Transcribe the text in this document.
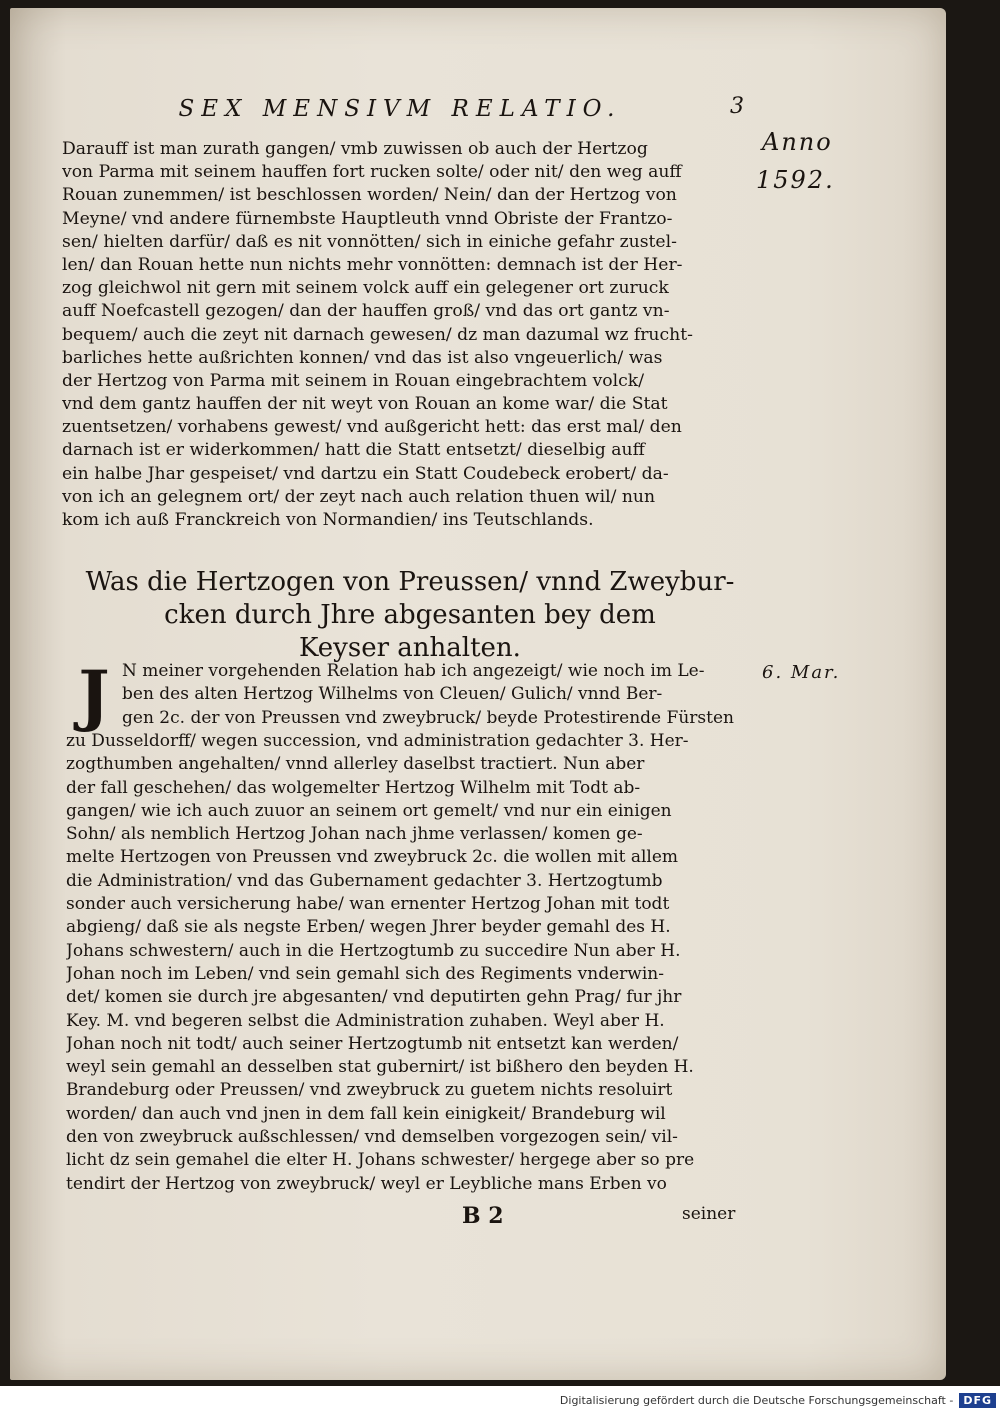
SEX MENSIVM RELATIO.	3
Anno
1592.
6. Mar.
Darauff ist man zurath gangen/ vmb zuwissen ob auch der Hertzog
von Parma mit seinem hauffen fort rucken solte/ oder nit/ den weg auff
Rouan zunemmen/ ist beschlossen worden/ Nein/ dan der Hertzog von
Meyne/ vnd andere fürnembste Hauptleuth vnnd Obriste der Frantzo-
sen/ hielten darfür/ daß es nit vonnötten/ sich in einiche gefahr zustel-
len/ dan Rouan hette nun nichts mehr vonnötten: demnach ist der Her-
zog gleichwol nit gern mit seinem volck auff ein gelegener ort zuruck
auff Noefcastell gezogen/ dan der hauffen groß/ vnd das ort gantz vn-
bequem/ auch die zeyt nit darnach gewesen/ dz man dazumal wz frucht-
barliches hette außrichten konnen/ vnd das ist also vngeuerlich/ was
der Hertzog von Parma mit seinem in Rouan eingebrachtem volck/
vnd dem gantz hauffen der nit weyt von Rouan an kome war/ die Stat
zuentsetzen/ vorhabens gewest/ vnd außgericht hett: das erst mal/ den
darnach ist er widerkommen/ hatt die Statt entsetzt/ dieselbig auff
ein halbe Jhar gespeiset/ vnd dartzu ein Statt Coudebeck erobert/ da-
von ich an gelegnem ort/ der zeyt nach auch relation thuen wil/ nun
kom ich auß Franckreich von Normandien/ ins Teutschlands.
Was die Hertzogen von Preussen/ vnnd Zweybur-
cken durch Jhre abgesanten bey dem
Keyser anhalten.
J N meiner vorgehenden Relation hab ich angezeigt/ wie noch im Le-
ben des alten Hertzog Wilhelms von Cleuen/ Gulich/ vnnd Ber-
gen 2c. der von Preussen vnd zweybruck/ beyde Protestirende Fürsten
zu Dusseldorff/ wegen succession, vnd administration gedachter 3. Her-
zogthumben angehalten/ vnnd allerley daselbst tractiert. Nun aber
der fall geschehen/ das wolgemelter Hertzog Wilhelm mit Todt ab-
gangen/ wie ich auch zuuor an seinem ort gemelt/ vnd nur ein einigen
Sohn/ als nemblich Hertzog Johan nach jhme verlassen/ komen ge-
melte Hertzogen von Preussen vnd zweybruck 2c. die wollen mit allem
die Administration/ vnd das Gubernament gedachter 3. Hertzogtumb
sonder auch versicherung habe/ wan ernenter Hertzog Johan mit todt
abgieng/ daß sie als negste Erben/ wegen Jhrer beyder gemahl des H.
Johans schwestern/ auch in die Hertzogtumb zu succedire Nun aber H.
Johan noch im Leben/ vnd sein gemahl sich des Regiments vnderwin-
det/ komen sie durch jre abgesanten/ vnd deputirten gehn Prag/ fur jhr
Key. M. vnd begeren selbst die Administration zuhaben. Weyl aber H.
Johan noch nit todt/ auch seiner Hertzogtumb nit entsetzt kan werden/
weyl sein gemahl an desselben stat gubernirt/ ist bißhero den beyden H.
Brandeburg oder Preussen/ vnd zweybruck zu guetem nichts resoluirt
worden/ dan auch vnd jnen in dem fall kein einigkeit/ Brandeburg wil
den von zweybruck außschlessen/ vnd demselben vorgezogen sein/ vil-
licht dz sein gemahel die elter H. Johans schwester/ hergege aber so pre
tendirt der Hertzog von zweybruck/ weyl er Leybliche mans Erben vo
B 2	seiner
Digitalisierung gefördert durch die Deutsche Forschungsgemeinschaft - DFG
